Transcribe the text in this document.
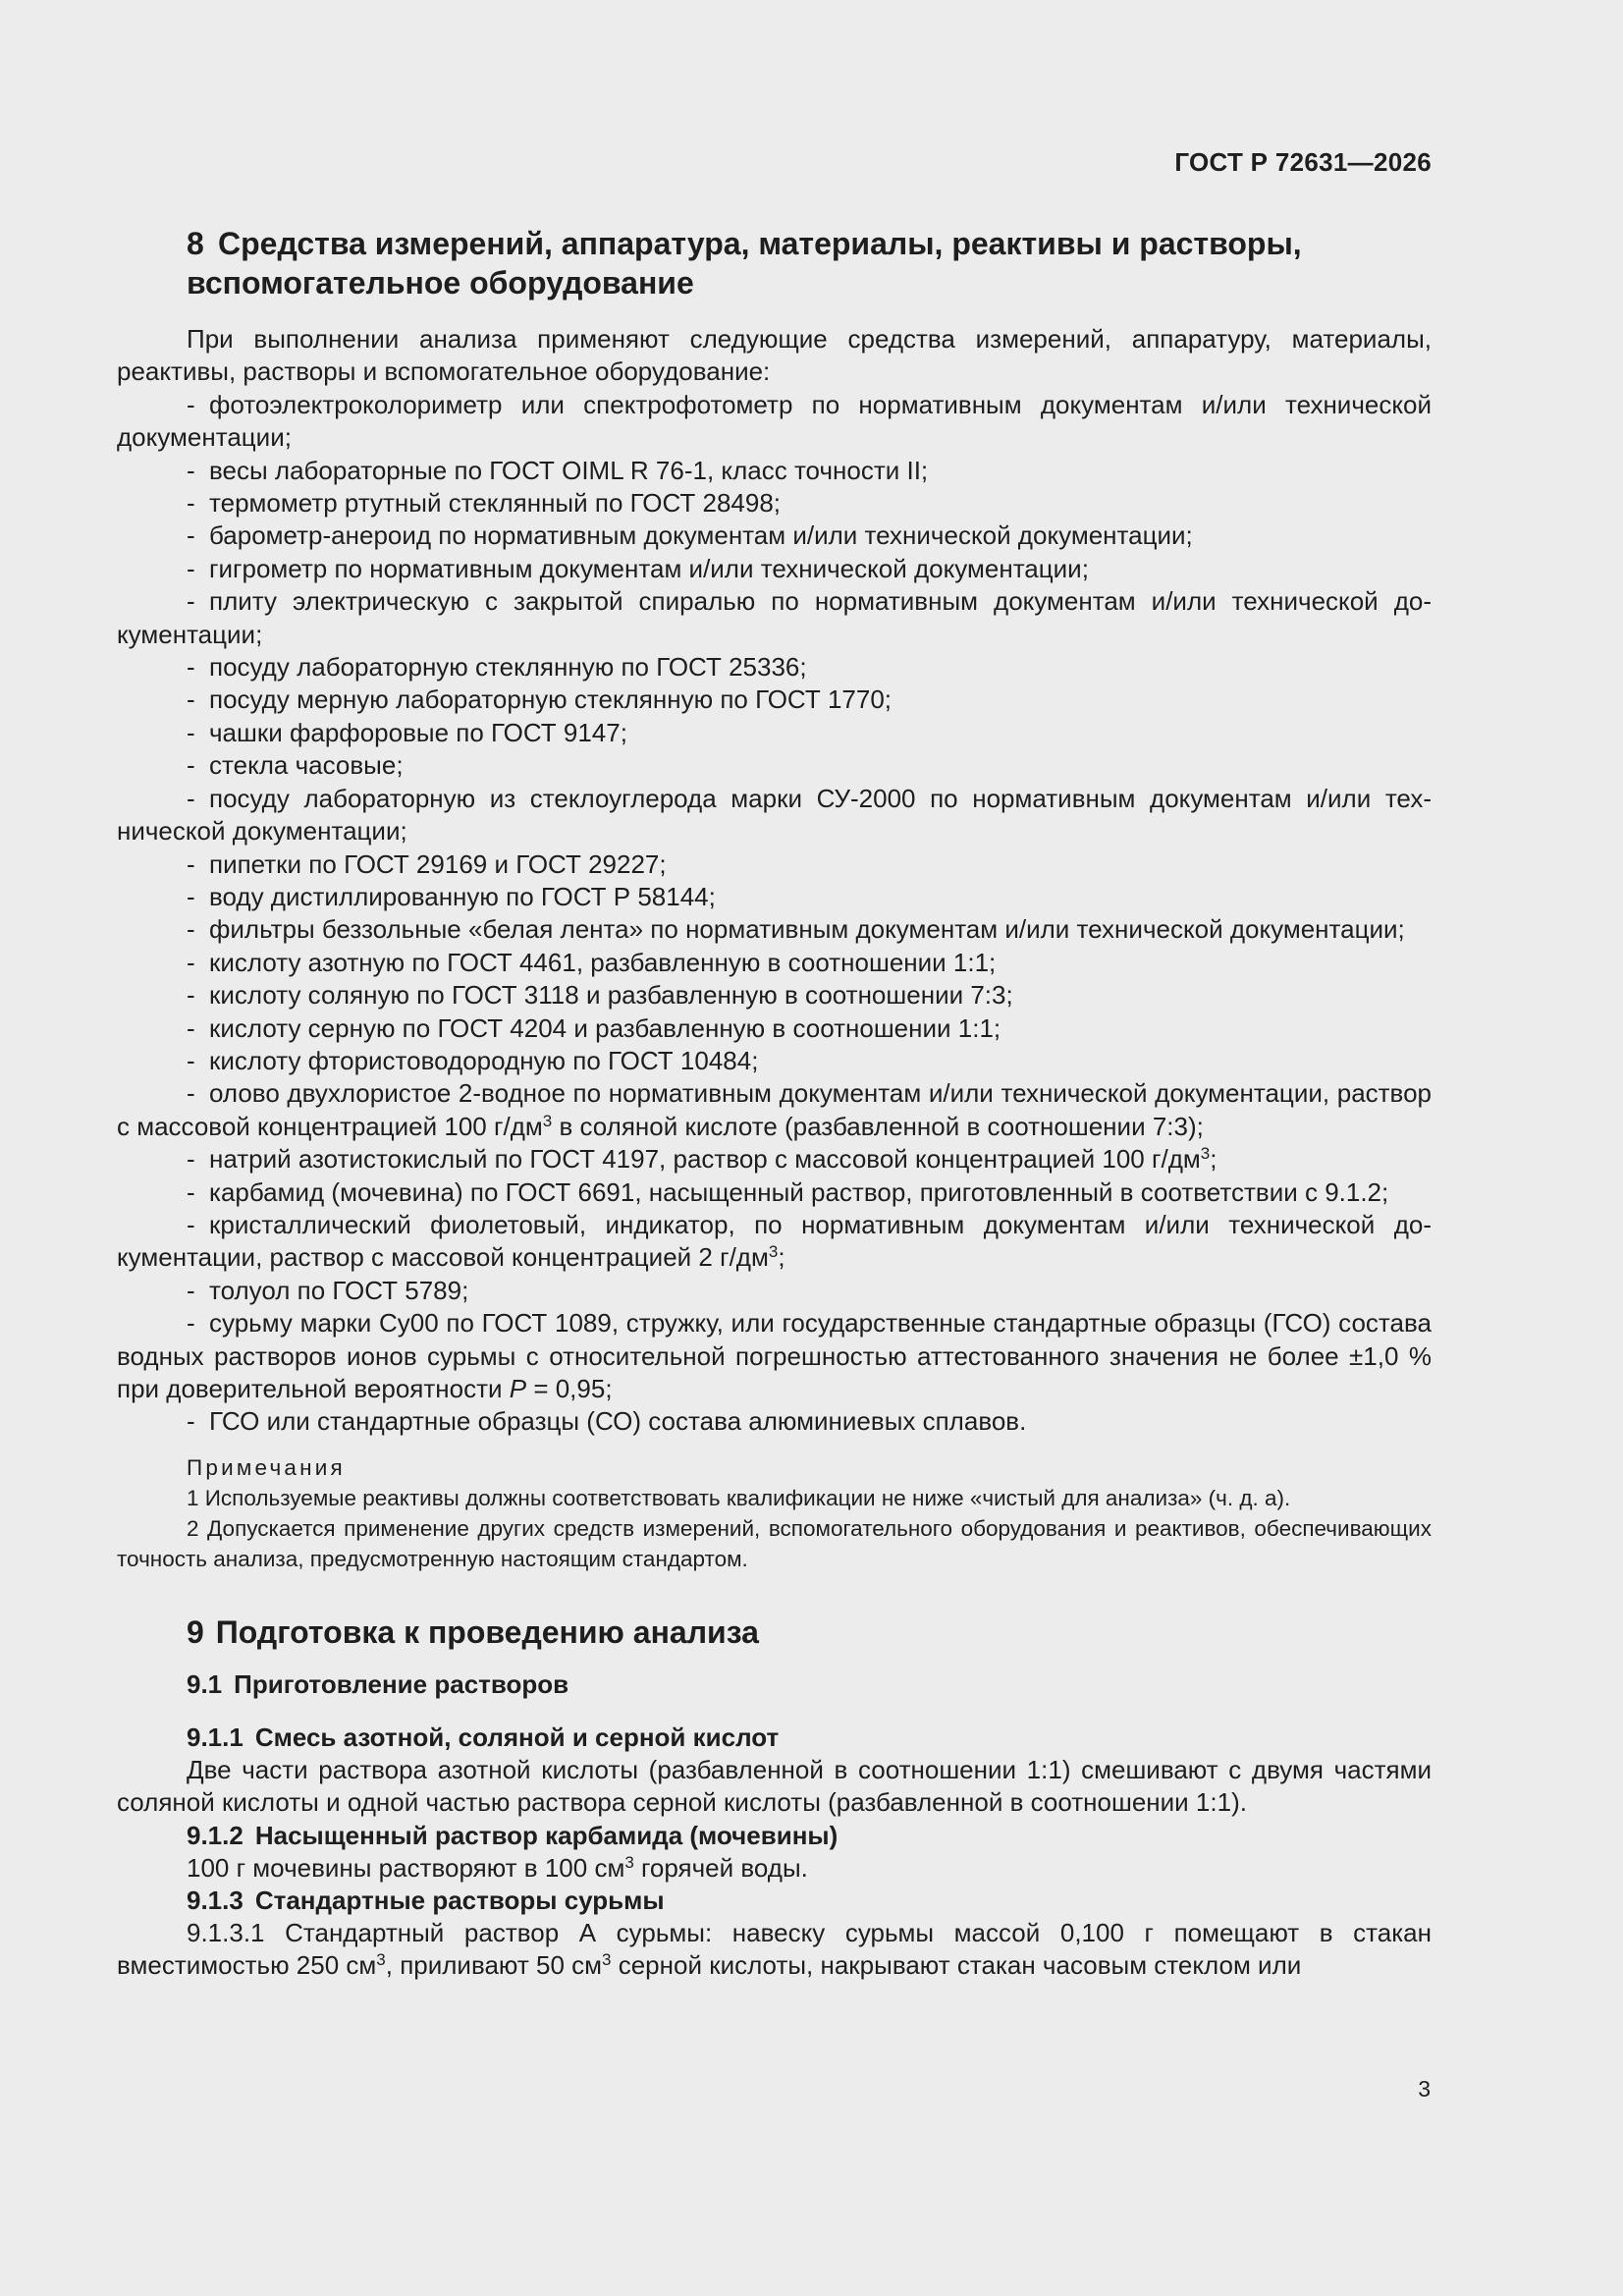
ГОСТ Р 72631—2026
8 Средства измерений, аппаратура, материалы, реактивы и растворы,
вспомогательное оборудование

При выполнении анализа применяют следующие средства измерений, аппаратуру, материалы, реактивы, растворы и вспомогательное оборудование:

- фотоэлектроколориметр или спектрофотометр по нормативным документам и/или технической документации;

- весы лабораторные по ГОСТ OIML R 76-1, класс точности II;

- термометр ртутный стеклянный по ГОСТ 28498;

- барометр-анероид по нормативным документам и/или технической документации;

- гигрометр по нормативным документам и/или технической документации;

- плиту электрическую с закрытой спиралью по нормативным документам и/или технической документации;

- посуду лабораторную стеклянную по ГОСТ 25336;

- посуду мерную лабораторную стеклянную по ГОСТ 1770;

- чашки фарфоровые по ГОСТ 9147;

- стекла часовые;

- посуду лабораторную из стеклоуглерода марки СУ-2000 по нормативным документам и/или технической документации;

- пипетки по ГОСТ 29169 и ГОСТ 29227;

- воду дистиллированную по ГОСТ Р 58144;

- фильтры беззольные «белая лента» по нормативным документам и/или технической документации;

- кислоту азотную по ГОСТ 4461, разбавленную в соотношении 1:1;

- кислоту соляную по ГОСТ 3118 и разбавленную в соотношении 7:3;

- кислоту серную по ГОСТ 4204 и разбавленную в соотношении 1:1;

- кислоту фтористоводородную по ГОСТ 10484;

- олово двухлористое 2-водное по нормативным документам и/или технической документации, раствор с массовой концентрацией 100 $г/дм^3$ в соляной кислоте (разбавленной в соотношении 7:3);

- натрий азотистокислый по ГОСТ 4197, раствор с массовой концентрацией 100 $г/дм^3$;

- карбамид (мочевина) по ГОСТ 6691, насыщенный раствор, приготовленный в соответствии с 9.1.2;

- кристаллический фиолетовый, индикатор, по нормативным документам и/или технической документации, раствор с массовой концентрацией 2 $г/дм^3$;

- толуол по ГОСТ 5789;

- сурьму марки Су00 по ГОСТ 1089, стружку, или государственные стандартные образцы (ГСО) состава водных растворов ионов сурьмы с относительной погрешностью аттестованного значения не более ±1,0 % при доверительной вероятности P = 0,95;

- ГСО или стандартные образцы (СО) состава алюминиевых сплавов.

Примечания

1 Используемые реактивы должны соответствовать квалификации не ниже «чистый для анализа» (ч. д. а).

2 Допускается применение других средств измерений, вспомогательного оборудования и реактивов, обеспечивающих точность анализа, предусмотренную настоящим стандартом.

9 Подготовка к проведению анализа
9.1 Приготовление растворов
9.1.1 Смесь азотной, соляной и серной кислот

Две части раствора азотной кислоты (разбавленной в соотношении 1:1) смешивают с двумя частями соляной кислоты и одной частью раствора серной кислоты (разбавленной в соотношении 1:1).

9.1.2 Насыщенный раствор карбамида (мочевины)

100 г мочевины растворяют в 100 $см^3$ горячей воды.

9.1.3 Стандартные растворы сурьмы

9.1.3.1 Стандартный раствор А сурьмы: навеску сурьмы массой 0,100 г помещают в стакан вместимостью 250 $см^3$, приливают 50 $см^3$ серной кислоты, накрывают стакан часовым стеклом или

3
